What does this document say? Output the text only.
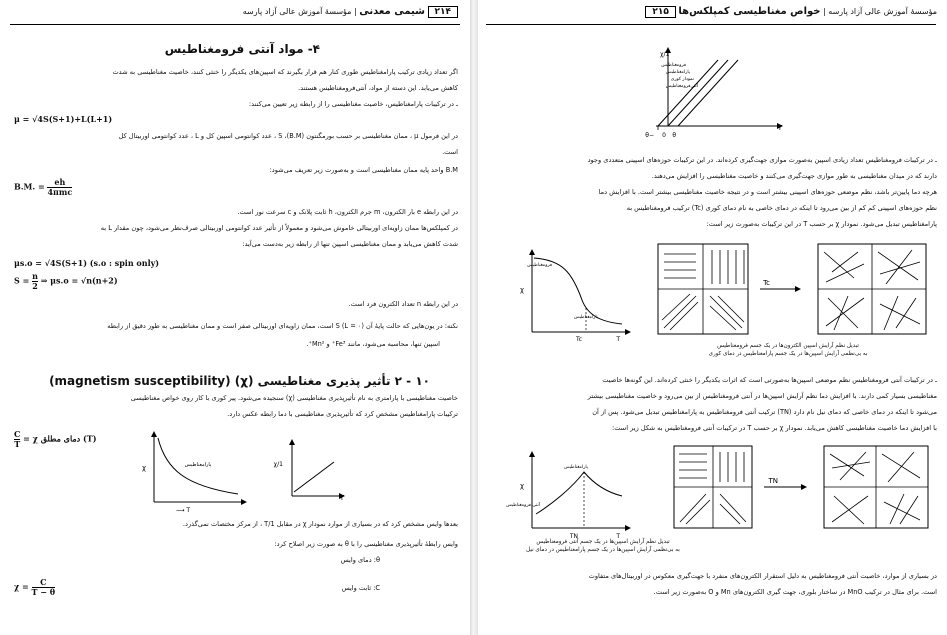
۲۱۴ شیمی معدنی | مؤسسهٔ آموزش عالی آزاد پارسه
۴- مواد آنتی فرومغناطیس
اگر تعداد زیادی ترکیب پارامغناطیس طوری کنار هم قرار بگیرند که اسپین‌های یکدیگر را خنثی کنند، خاصیت مغناطیسی به شدت
کاهش می‌یابد. این دسته از مواد، آنتی‌فرومغناطیس هستند.
ـ در ترکیبات پارامغناطیس، خاصیت مغناطیسی را از رابطه زیر تعیین می‌کنند:
μ = √4S(S+1)+L(L+1)
در این فرمول μ ، ممان مغناطیسی بر حسب بورمگنتون (B.M)، S ، عدد کوانتومی اسپین کل و L ، عدد کوانتومی اوربیتال کل
است.
B.M واحد پایه ممان مغناطیسی است و به‌صورت زیر تعریف می‌شود:
B.M. = $\frac{eh}{\text{4πmc}}$
در این رابطه e بار الکترون، m جرم الکترون، h ثابت پلانک و c سرعت نور است.
در کمپلکس‌ها ممان زاویه‌ای اوربیتالی خاموش می‌شود و معمولاً از تأثیر عدد کوانتومی اوربیتالی صرف‌نظر می‌شود، چون مقدار L به
شدت کاهش می‌یابد و ممان مغناطیسی اسپین تنها از رابطه زیر به‌دست می‌آید:
μs.o = √4S(S+1) (s.o : spin only)
$S = \frac{n}{2}$ ⇒ μs.o = √n(n+2)
در این رابطه n تعداد الکترون فرد است.
نکته: در یون‌هایی که حالت پایهٔ آن S (L = ۰) است، ممان زاویه‌ای اوربیتالی صفر است و ممان مغناطیسی به طور دقیق از رابطه
اسپین تنها، محاسبه می‌شود، مانند Fe³⁺ و Mn²⁺.
۱۰ - ۲ تأثیر پذیری مغناطیسی (χ) (magnetism susceptibility)
خاصیت مغناطیسی با پارامتری به نام تأثیرپذیری مغناطیسی (χ) سنجیده می‌شود. پیر کوری با کار روی خواص مغناطیسی
ترکیبات پارامغناطیس مشخص کرد که تأثیرپذیری مغناطیسی با دما رابطه عکس دارد.
(T) دمای مطلق χ =
$\frac{C}{T}$
پارامغناطیس
χ
T ⟶
1/χ
T
بعدها وایس مشخص کرد که در بسیاری از موارد نمودار χ در مقابل 1/T ، از مرکز مختصات نمی‌گذرد.
وایس رابطهٔ تأثیرپذیری مغناطیسی را با θ به صورت زیر اصلاح کرد:
θ: دمای وایس
C: ثابت وایس
$\chi = \frac{C}{T - \theta}$
مؤسسهٔ آموزش عالی آزاد پارسه | خواص مغناطیسی کمپلکس‌ها ۲۱۵
1/χ
T
فرومغناطیس
پارامغناطیس
نمودار کوری
آنتی‌فرومغناطیس
−θ 0 θ
ـ در ترکیبات فرومغناطیس تعداد زیادی اسپین به‌صورت موازی جهت‌گیری کرده‌اند. در این ترکیبات حوزه‌های اسپینی متعددی وجود
دارند که در میدان مغناطیسی به طور موازی جهت‌گیری می‌کنند و خاصیت مغناطیسی را افزایش می‌دهند.
هرچه دما پایین‌تر باشد، نظم موضعی حوزه‌های اسپینی بیشتر است و در نتیجه خاصیت مغناطیسی بیشتر است. با افزایش دما
نظم حوزه‌های اسپینی کم کم از بین می‌رود تا اینکه در دمای خاصی به نام دمای کوری (Tc) ترکیب فرومغناطیس به
پارامغناطیس تبدیل می‌شود. نمودار χ بر حسب T در این ترکیبات به‌صورت زیر است:
فرومغناطیس
پارامغناطیس
χ
Tc	T
Tc
تبدیل نظم آرایش اسپین الکترون‌ها در یک جسم فرومغناطیس
به بی‌نظمی آرایش اسپین‌ها در یک جسم پارامغناطیس در دمای کوری
ـ در ترکیبات آنتی فرومغناطیس نظم موضعی اسپین‌ها به‌صورتی است که اثرات یکدیگر را خنثی کرده‌اند. این گونه‌ها خاصیت
مغناطیسی بسیار کمی دارند. با افزایش دما نظم آرایش اسپین‌ها در آنتی فرومغناطیس از بین می‌رود و خاصیت مغناطیسی بیشتر
می‌شود تا اینکه در دمای خاصی که دمای نیل نام دارد (TN) ترکیب آنتی فرومغناطیس به پارامغناطیس تبدیل می‌شود. پس از آن
با افزایش دما خاصیت مغناطیسی کاهش می‌یابد. نمودار χ بر حسب T در ترکیبات آنتی فرومغناطیس به شکل زیر است:
پارامغناطیس
آنتی فرومغناطیس
χ
TN	T
TN
تبدیل نظم آرایش اسپین‌ها در یک جسم آنتی فرومغناطیس
به بی‌نظمی آرایش اسپین‌ها در یک جسم پارامغناطیس در دمای نیل
در بسیاری از موارد، خاصیت آنتی فرومغناطیس به دلیل استقرار الکترون‌های منفرد با جهت‌گیری معکوس در اوربیتال‌های متفاوت
است. برای مثال در ترکیب MnO در ساختار بلوری، جهت گیری الکترون‌های Mn و O به‌صورت زیر است.
